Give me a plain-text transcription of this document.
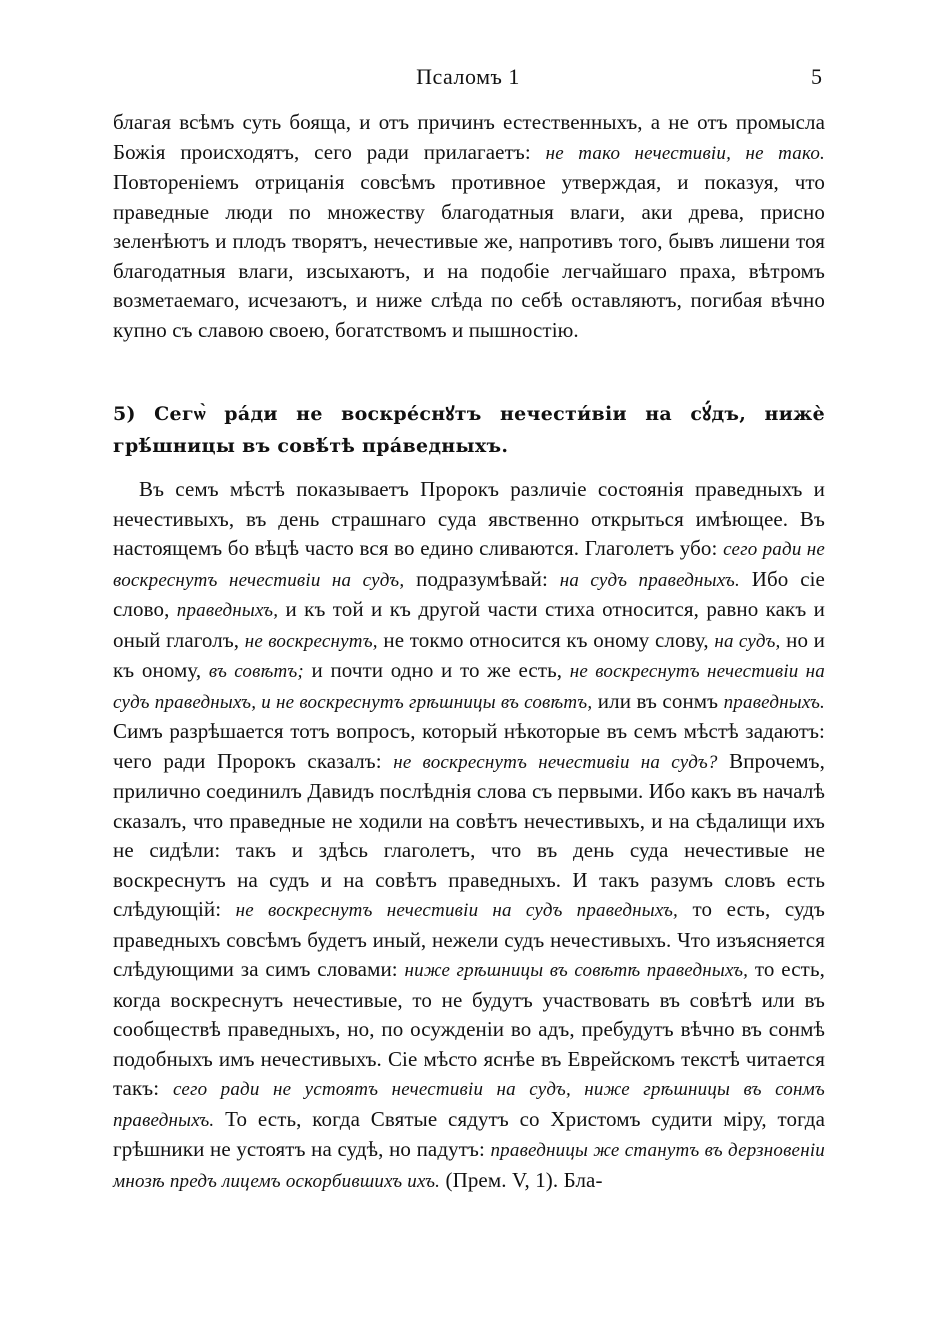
Псаломъ 1	5
благая всѣмъ суть боящa, и отъ причинъ естественныхъ, а не отъ промысла Божія происходятъ, сего ради прилагаетъ: не тако нечестивіи, не тако. Повтореніемъ отрицанія совсѣмъ противное утверждая, и показуя, что праведные люди по множеству благодатныя влаги, аки древа, присно зеленѣютъ и плодъ творятъ, нечестивые же, напротивъ того, бывъ лишени тоя благодатныя влаги, изсыхаютъ, и на подобіе легчайшаго праха, вѣтромъ возметаемаго, исчезаютъ, и ниже слѣда по себѣ оставляютъ, погибая вѣчно купно съ славою своею, богатствомъ и пышностію.
5) Сегѡ̀ ра́ди не воскре́снꙋтъ нечести́віи на сꙋ́дъ, нижѐ грѣ́шницы въ совѣ́тѣ пра́ведныхъ.
Въ семъ мѣстѣ показываетъ Пророкъ различіе состоянія праведныхъ и нечестивыхъ, въ день страшнаго суда явственно открыться имѣющее. Въ настоящемъ бо вѣцѣ часто вся во едино сливаются. Глаголетъ убо: сего ради не воскреснутъ нечестивіи на судъ, подразумѣвай: на судъ праведныхъ. Ибо сіе слово, праведныхъ, и къ той и къ другой части стиха относится, равно какъ и оный глаголъ, не воскреснутъ, не токмо относится къ оному слову, на судъ, но и къ оному, въ совѣтъ; и почти одно и то же есть, не воскреснутъ нечестивіи на судъ праведныхъ, и не воскреснутъ грѣшницы въ совѣтъ, или въ сонмъ праведныхъ. Симъ разрѣшается тотъ вопросъ, который нѣкоторые въ семъ мѣстѣ задаютъ: чего ради Пророкъ сказалъ: не воскреснутъ нечестивіи на судъ? Впрочемъ, прилично соединилъ Давидъ послѣднія слова съ первыми. Ибо какъ въ началѣ сказалъ, что праведные не ходили на совѣтъ нечестивыхъ, и на сѣдалищи ихъ не сидѣли: такъ и здѣсь глаголетъ, что въ день суда нечестивые не воскреснутъ на судъ и на совѣтъ праведныхъ. И такъ разумъ словъ есть слѣдующій: не воскреснутъ нечестивіи на судъ праведныхъ, то есть, судъ праведныхъ совсѣмъ будетъ иный, нежели судъ нечестивыхъ. Что изъясняется слѣдующими за симъ словами: ниже грѣшницы въ совѣтѣ праведныхъ, то есть, когда воскреснутъ нечестивые, то не будутъ участвовать въ совѣтѣ или въ сообществѣ праведныхъ, но, по осужденіи во адъ, пребудутъ вѣчно въ сонмѣ подобныхъ имъ нечестивыхъ. Сіе мѣсто яснѣе въ Еврейскомъ текстѣ читается такъ: сего ради не устоятъ нечестивіи на судъ, ниже грѣшницы въ сонмъ праведныхъ. То есть, когда Святые сядутъ со Христомъ судити міру, тогда грѣшники не устоятъ на судѣ, но падутъ: праведницы же станутъ въ дерзновеніи мнозѣ предъ лицемъ оскорбившихъ ихъ. (Прем. V, 1). Бла-
